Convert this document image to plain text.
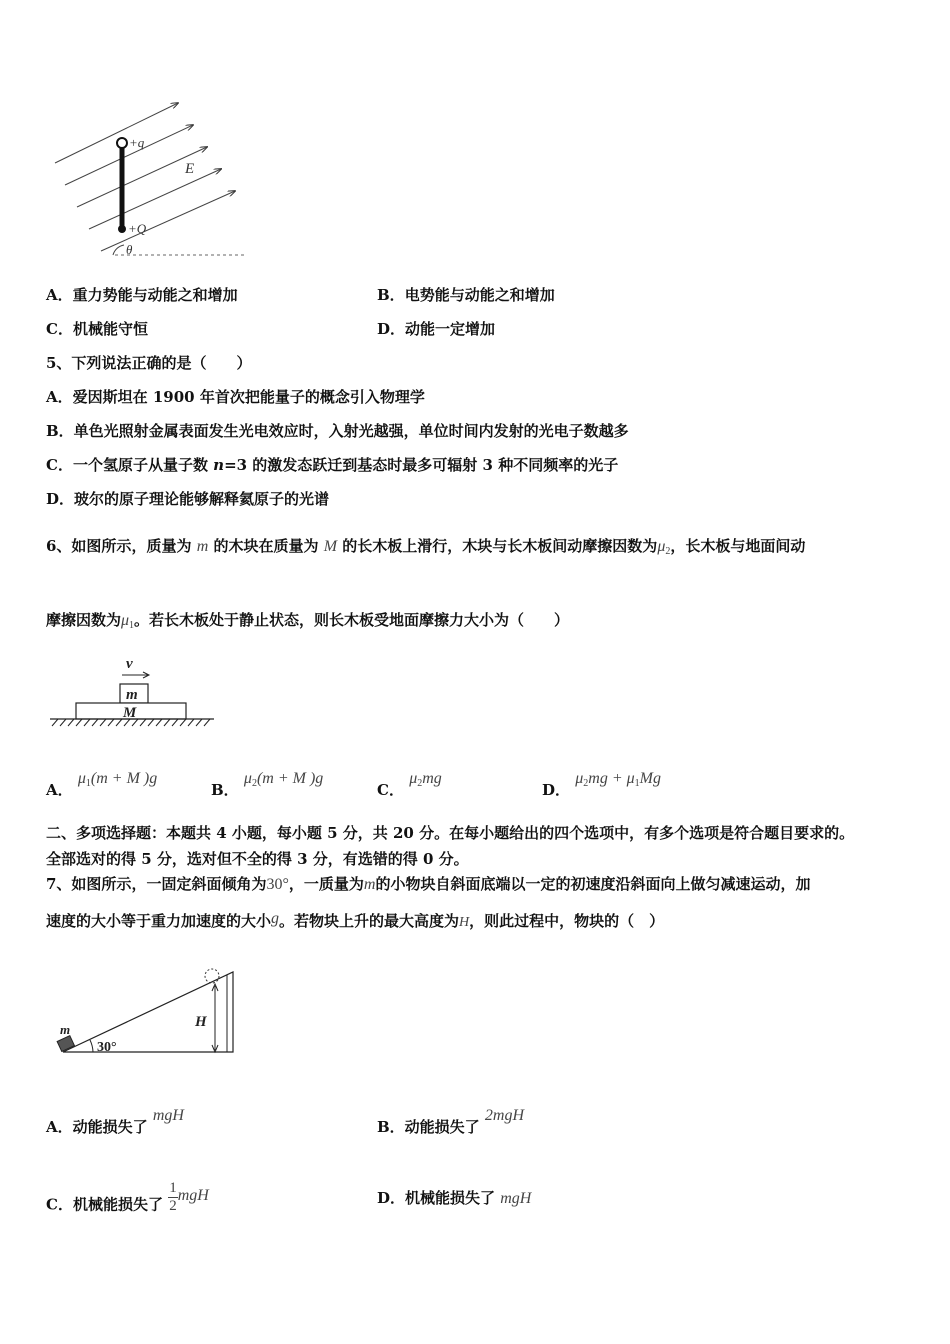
+q
+Q
E
θ
A．重力势能与动能之和增加	B．电势能与动能之和增加
C．机械能守恒	D．动能一定增加
5、下列说法正确的是（　　）
A．爱因斯坦在 1900 年首次把能量子的概念引入物理学
B．单色光照射金属表面发生光电效应时，入射光越强，单位时间内发射的光电子数越多
C．一个氢原子从量子数 n=3 的激发态跃迁到基态时最多可辐射 3 种不同频率的光子
D．玻尔的原子理论能够解释氦原子的光谱
6、如图所示，质量为 m 的木块在质量为 M 的长木板上滑行，木块与长木板间动摩擦因数为$\mu_2$，长木板与地面间动
摩擦因数为$\mu_1$。若长木板处于静止状态，则长木板受地面摩擦力大小为（　　）
v
m
M
A． $\mu_1(m + M$ )g
B． $\mu_2(m + M$ )g
C． $\mu_2mg$
D． $\mu_2mg + \mu_1Mg$
二、多项选择题：本题共 4 小题，每小题 5 分，共 20 分。在每小题给出的四个选项中，有多个选项是符合题目要求的。
全部选对的得 5 分，选对但不全的得 3 分，有选错的得 0 分。
7、如图所示，一固定斜面倾角为30°，一质量为m的小物块自斜面底端以一定的初速度沿斜面向上做匀减速运动，加
速度的大小等于重力加速度的大小g。若物块上升的最大高度为H，则此过程中，物块的（　）
m	H
30°
A．动能损失了 mgH
B．动能损失了 2mgH
C．机械能损失了 $\frac{1}{2}$ mgH	D．机械能损失了 mgH
